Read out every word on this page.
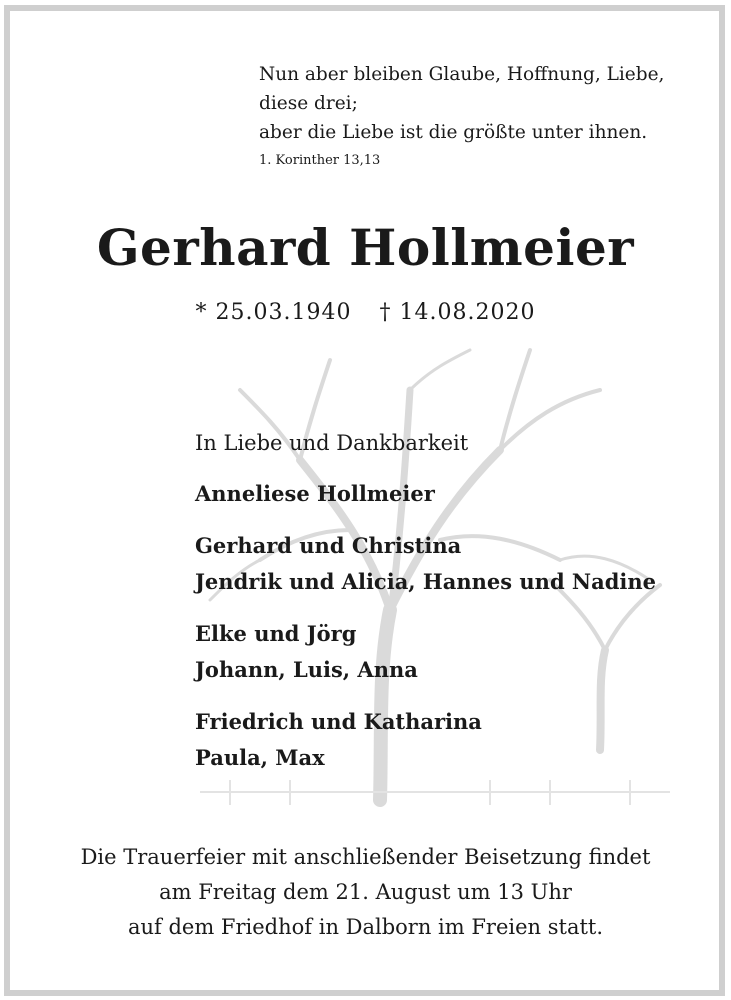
Nun aber bleiben Glaube, Hoffnung, Liebe,
diese drei;
aber die Liebe ist die größte unter ihnen.
1. Korinther 13,13
Gerhard Hollmeier
* 25.03.1940 † 14.08.2020
In Liebe und Dankbarkeit
Anneliese Hollmeier
Gerhard und Christina
Jendrik und Alicia, Hannes und Nadine
Elke und Jörg
Johann, Luis, Anna
Friedrich und Katharina
Paula, Max
Die Trauerfeier mit anschließender Beisetzung findet
am Freitag dem 21. August um 13 Uhr
auf dem Friedhof in Dalborn im Freien statt.
